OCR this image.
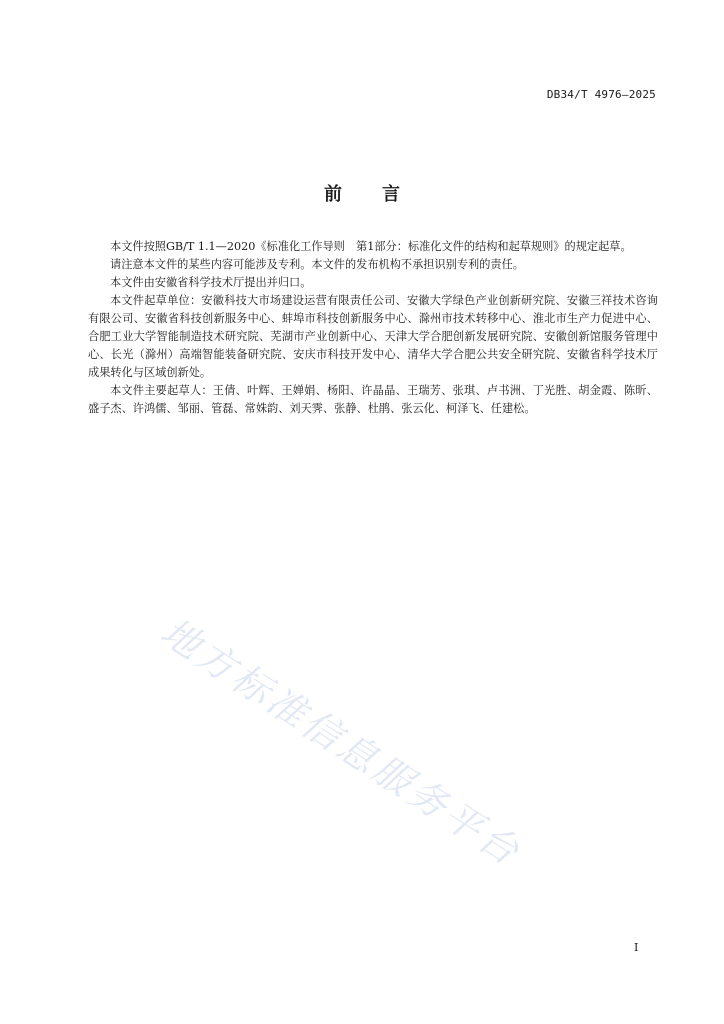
DB34/T 4976—2025
前言

本文件按照GB/T 1.1—2020《标准化工作导则　第1部分：标准化文件的结构和起草规则》的规定起草。

请注意本文件的某些内容可能涉及专利。本文件的发布机构不承担识别专利的责任。

本文件由安徽省科学技术厅提出并归口。

本文件起草单位：安徽科技大市场建设运营有限责任公司、安徽大学绿色产业创新研究院、安徽三祥技术咨询有限公司、安徽省科技创新服务中心、蚌埠市科技创新服务中心、滁州市技术转移中心、淮北市生产力促进中心、合肥工业大学智能制造技术研究院、芜湖市产业创新中心、天津大学合肥创新发展研究院、安徽创新馆服务管理中心、长光（滁州）高端智能装备研究院、安庆市科技开发中心、清华大学合肥公共安全研究院、安徽省科学技术厅成果转化与区域创新处。

本文件主要起草人：王倩、叶辉、王婵娟、杨阳、许晶晶、王瑞芳、张琪、卢书洲、丁光胜、胡金霞、陈昕、盛子杰、许鸿儒、邹丽、管磊、常姝韵、刘天霁、张静、杜鹃、张云化、柯泽飞、任建松。

地方标准信息服务平台
I
